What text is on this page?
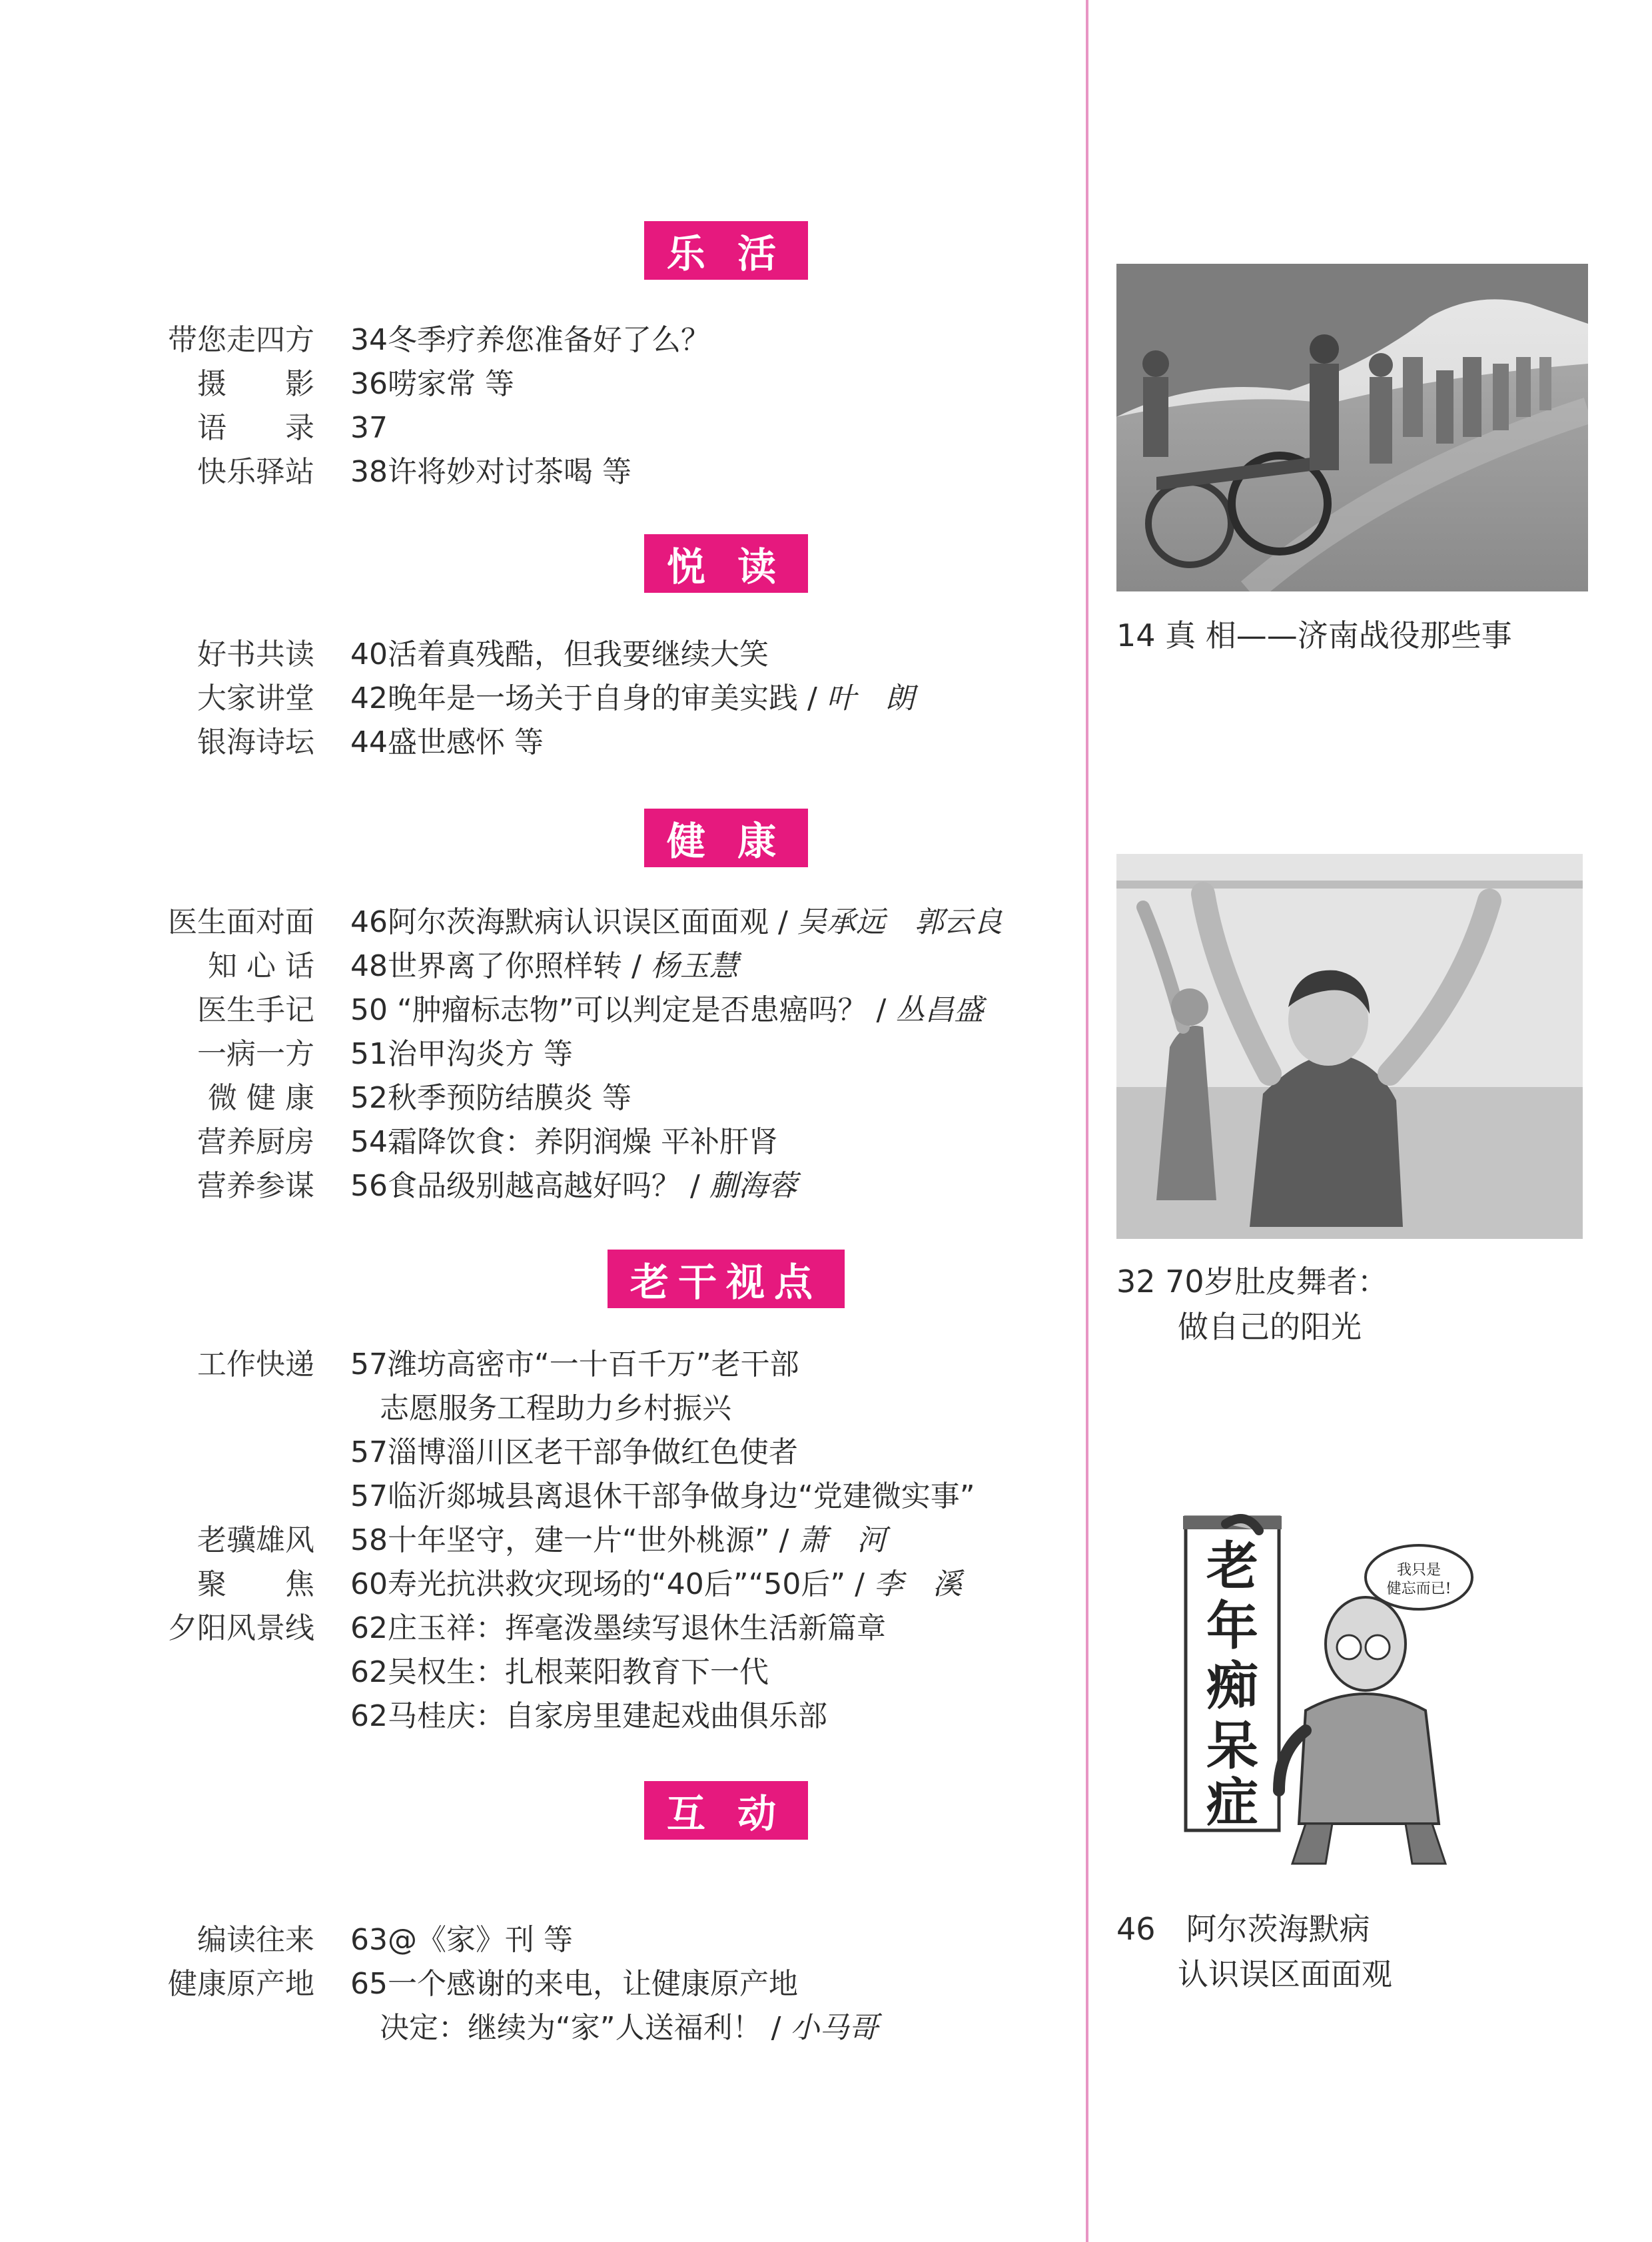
乐 活
悦 读
健 康
老干视点
互 动
带您走四方 34冬季疗养您准备好了么？
摄　　影 36唠家常 等
语　　录 37
快乐驿站 38许将妙对讨茶喝 等
好书共读 40活着真残酷，但我要继续大笑
大家讲堂 42晚年是一场关于自身的审美实践 / 叶　朗
银海诗坛 44盛世感怀 等
医生面对面 46阿尔茨海默病认识误区面面观 / 吴承远　郭云良
知 心 话 48世界离了你照样转 / 杨玉慧
医生手记 50 “肿瘤标志物”可以判定是否患癌吗？ / 丛昌盛
一病一方 51治甲沟炎方 等
微 健 康 52秋季预防结膜炎 等
营养厨房 54霜降饮食：养阴润燥 平补肝肾
营养参谋 56食品级别越高越好吗？ / 蒯海蓉
工作快递 57潍坊高密市“一十百千万”老干部
　志愿服务工程助力乡村振兴
57淄博淄川区老干部争做红色使者
57临沂郯城县离退休干部争做身边“党建微实事”
老骥雄风 58十年坚守，建一片“世外桃源” / 萧　河
聚　　焦 60寿光抗洪救灾现场的“40后”“50后” / 李　溪
夕阳风景线 62庄玉祥：挥毫泼墨续写退休生活新篇章
62吴权生：扎根莱阳教育下一代
62马桂庆：自家房里建起戏曲俱乐部
编读往来 63@《家》刊 等
健康原产地 65一个感谢的来电，让健康原产地
　决定：继续为“家”人送福利！ / 小马哥
14 真 相——济南战役那些事
32 70岁肚皮舞者：
　　做自己的阳光
老
年
痴
呆
症
我只是
健忘而已!
46　阿尔茨海默病
　　认识误区面面观
